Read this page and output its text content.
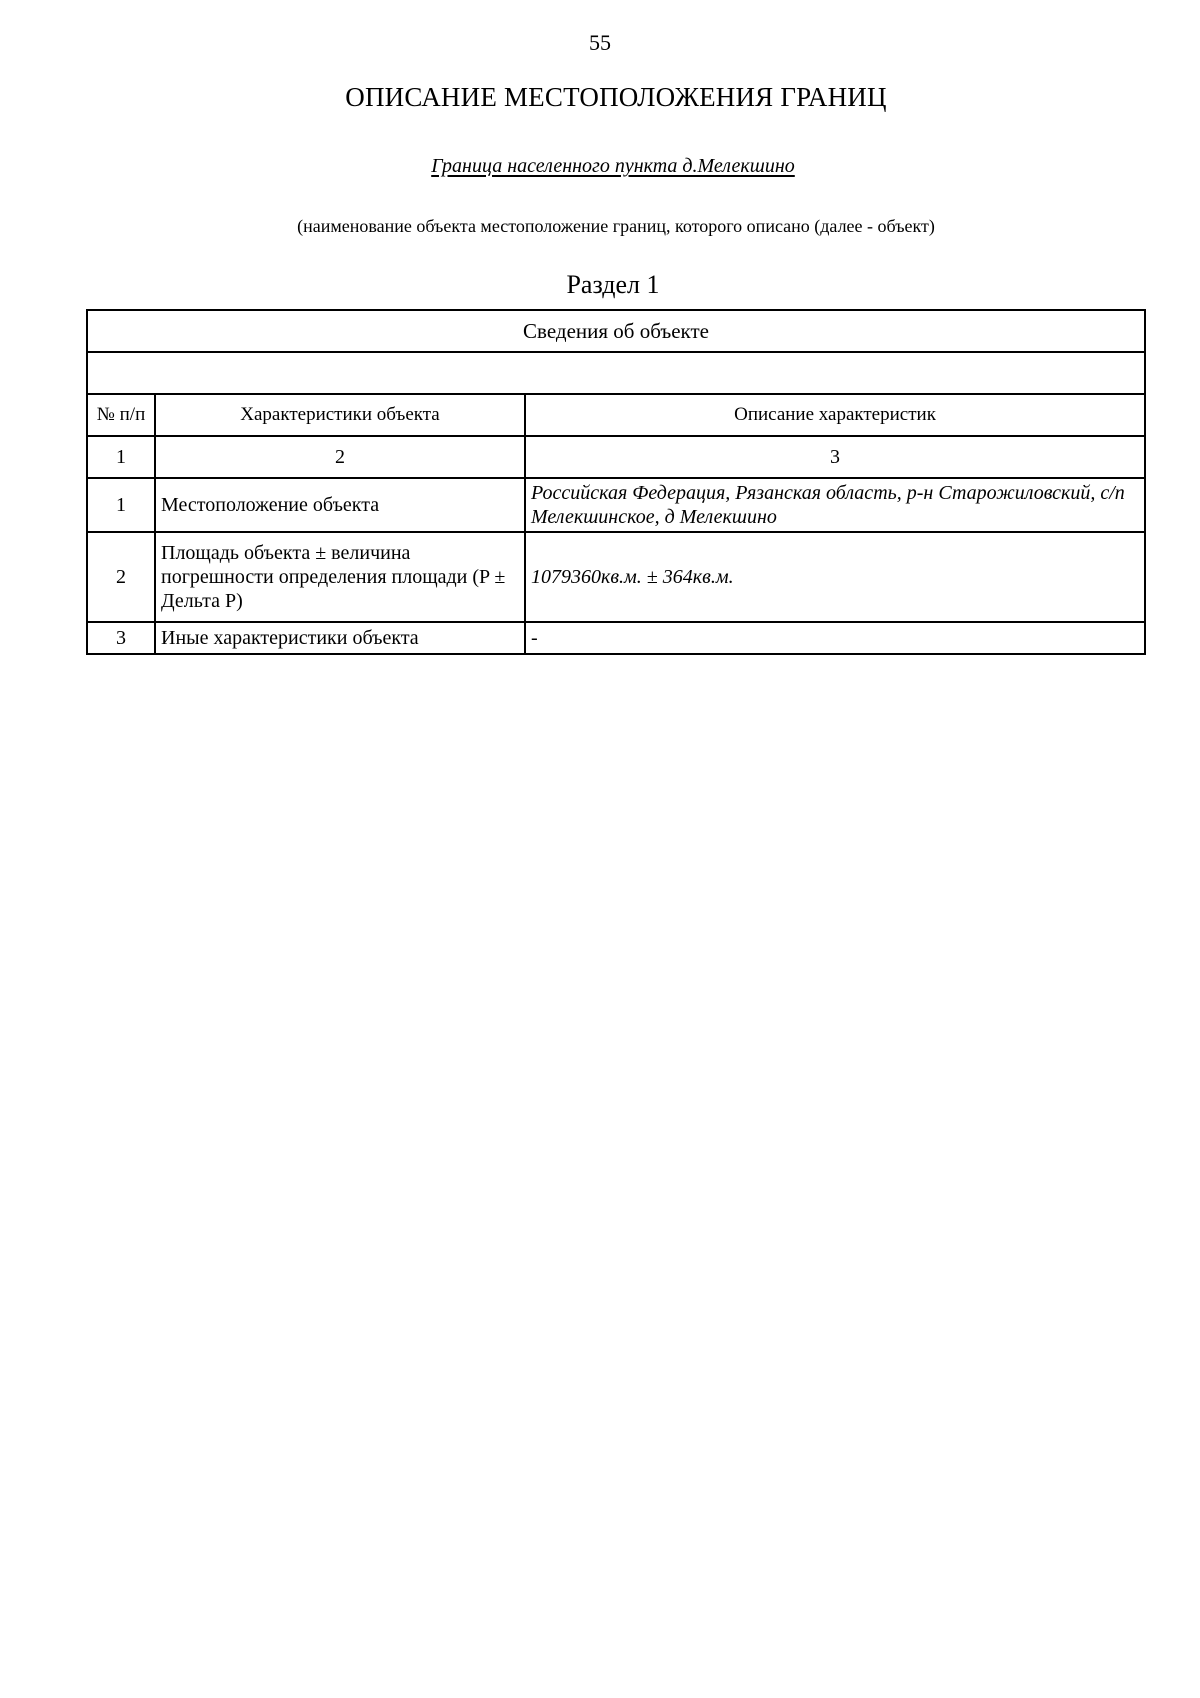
55
ОПИСАНИЕ МЕСТОПОЛОЖЕНИЯ ГРАНИЦ
Граница населенного пункта д.Мелекшино
(наименование объекта местоположение границ, которого описано (далее - объект)
Раздел 1
Сведения об объекте		

№ п/п	Характеристики объекта	Описание характеристик
1	2	3
1	Местоположение объекта	Российская Федерация, Рязанская область, р-н Старожиловский, с/п Мелекшинское, д Мелекшино
2	Площадь объекта ± величина погрешности определения площади (P ± Дельта P)	1079360кв.м. ± 364кв.м.
3	Иные характеристики объекта	-
